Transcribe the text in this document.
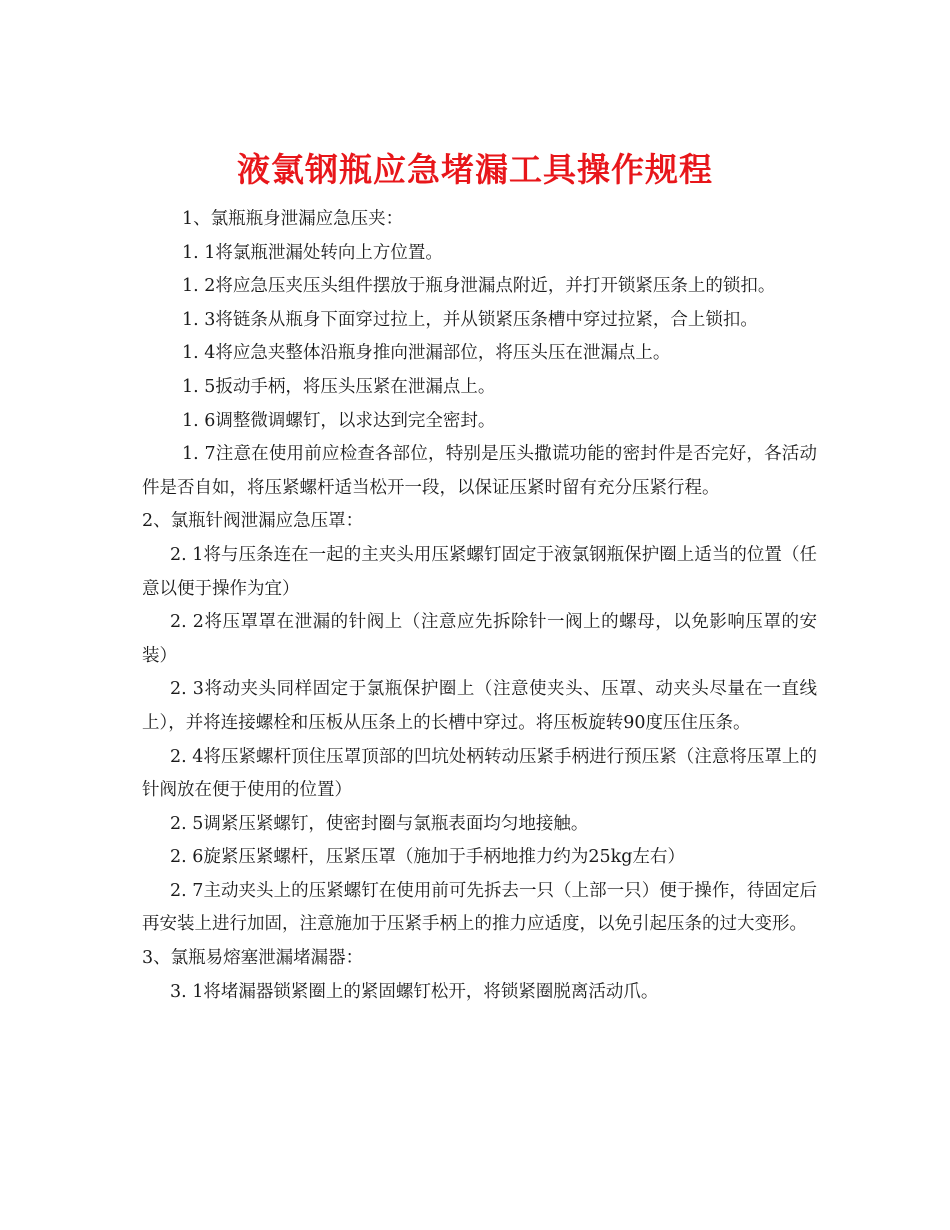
液氯钢瓶应急堵漏工具操作规程

1、氯瓶瓶身泄漏应急压夹：

1. 1将氯瓶泄漏处转向上方位置。

1. 2将应急压夹压头组件摆放于瓶身泄漏点附近，并打开锁紧压条上的锁扣。

1. 3将链条从瓶身下面穿过拉上，并从锁紧压条槽中穿过拉紧，合上锁扣。

1. 4将应急夹整体沿瓶身推向泄漏部位，将压头压在泄漏点上。

1. 5扳动手柄，将压头压紧在泄漏点上。

1. 6调整微调螺钉，以求达到完全密封。

1. 7注意在使用前应检查各部位，特别是压头撒谎功能的密封件是否完好，各活动件是否自如，将压紧螺杆适当松开一段，以保证压紧时留有充分压紧行程。

2、氯瓶针阀泄漏应急压罩：

2. 1将与压条连在一起的主夹头用压紧螺钉固定于液氯钢瓶保护圈上适当的位置（任意以便于操作为宜）

2. 2将压罩罩在泄漏的针阀上（注意应先拆除针一阀上的螺母，以免影响压罩的安装）

2. 3将动夹头同样固定于氯瓶保护圈上（注意使夹头、压罩、动夹头尽量在一直线上），并将连接螺栓和压板从压条上的长槽中穿过。将压板旋转90度压住压条。

2. 4将压紧螺杆顶住压罩顶部的凹坑处柄转动压紧手柄进行预压紧（注意将压罩上的针阀放在便于使用的位置）

2. 5调紧压紧螺钉，使密封圈与氯瓶表面均匀地接触。

2. 6旋紧压紧螺杆，压紧压罩（施加于手柄地推力约为25kg左右）

2. 7主动夹头上的压紧螺钉在使用前可先拆去一只（上部一只）便于操作，待固定后再安装上进行加固，注意施加于压紧手柄上的推力应适度，以免引起压条的过大变形。

3、氯瓶易熔塞泄漏堵漏器：

3. 1将堵漏器锁紧圈上的紧固螺钉松开，将锁紧圈脱离活动爪。
